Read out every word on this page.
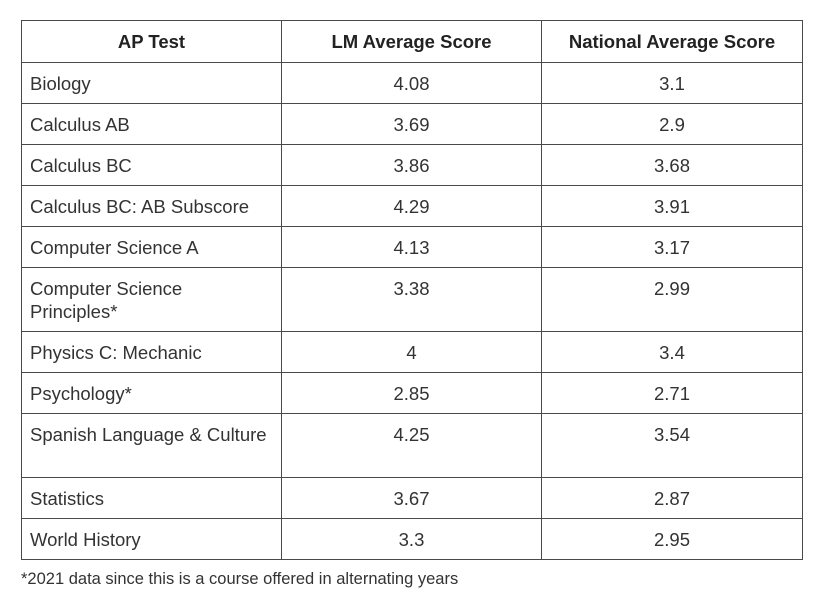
AP Test	LM Average Score	National Average Score
Biology	4.08	3.1
Calculus AB	3.69	2.9
Calculus BC	3.86	3.68
Calculus BC: AB Subscore	4.29	3.91
Computer Science A	4.13	3.17
Computer Science Principles*	3.38	2.99
Physics C: Mechanic	4	3.4
Psychology*	2.85	2.71
Spanish Language & Culture	4.25	3.54
Statistics	3.67	2.87
World History	3.3	2.95
*2021 data since this is a course offered in alternating years
